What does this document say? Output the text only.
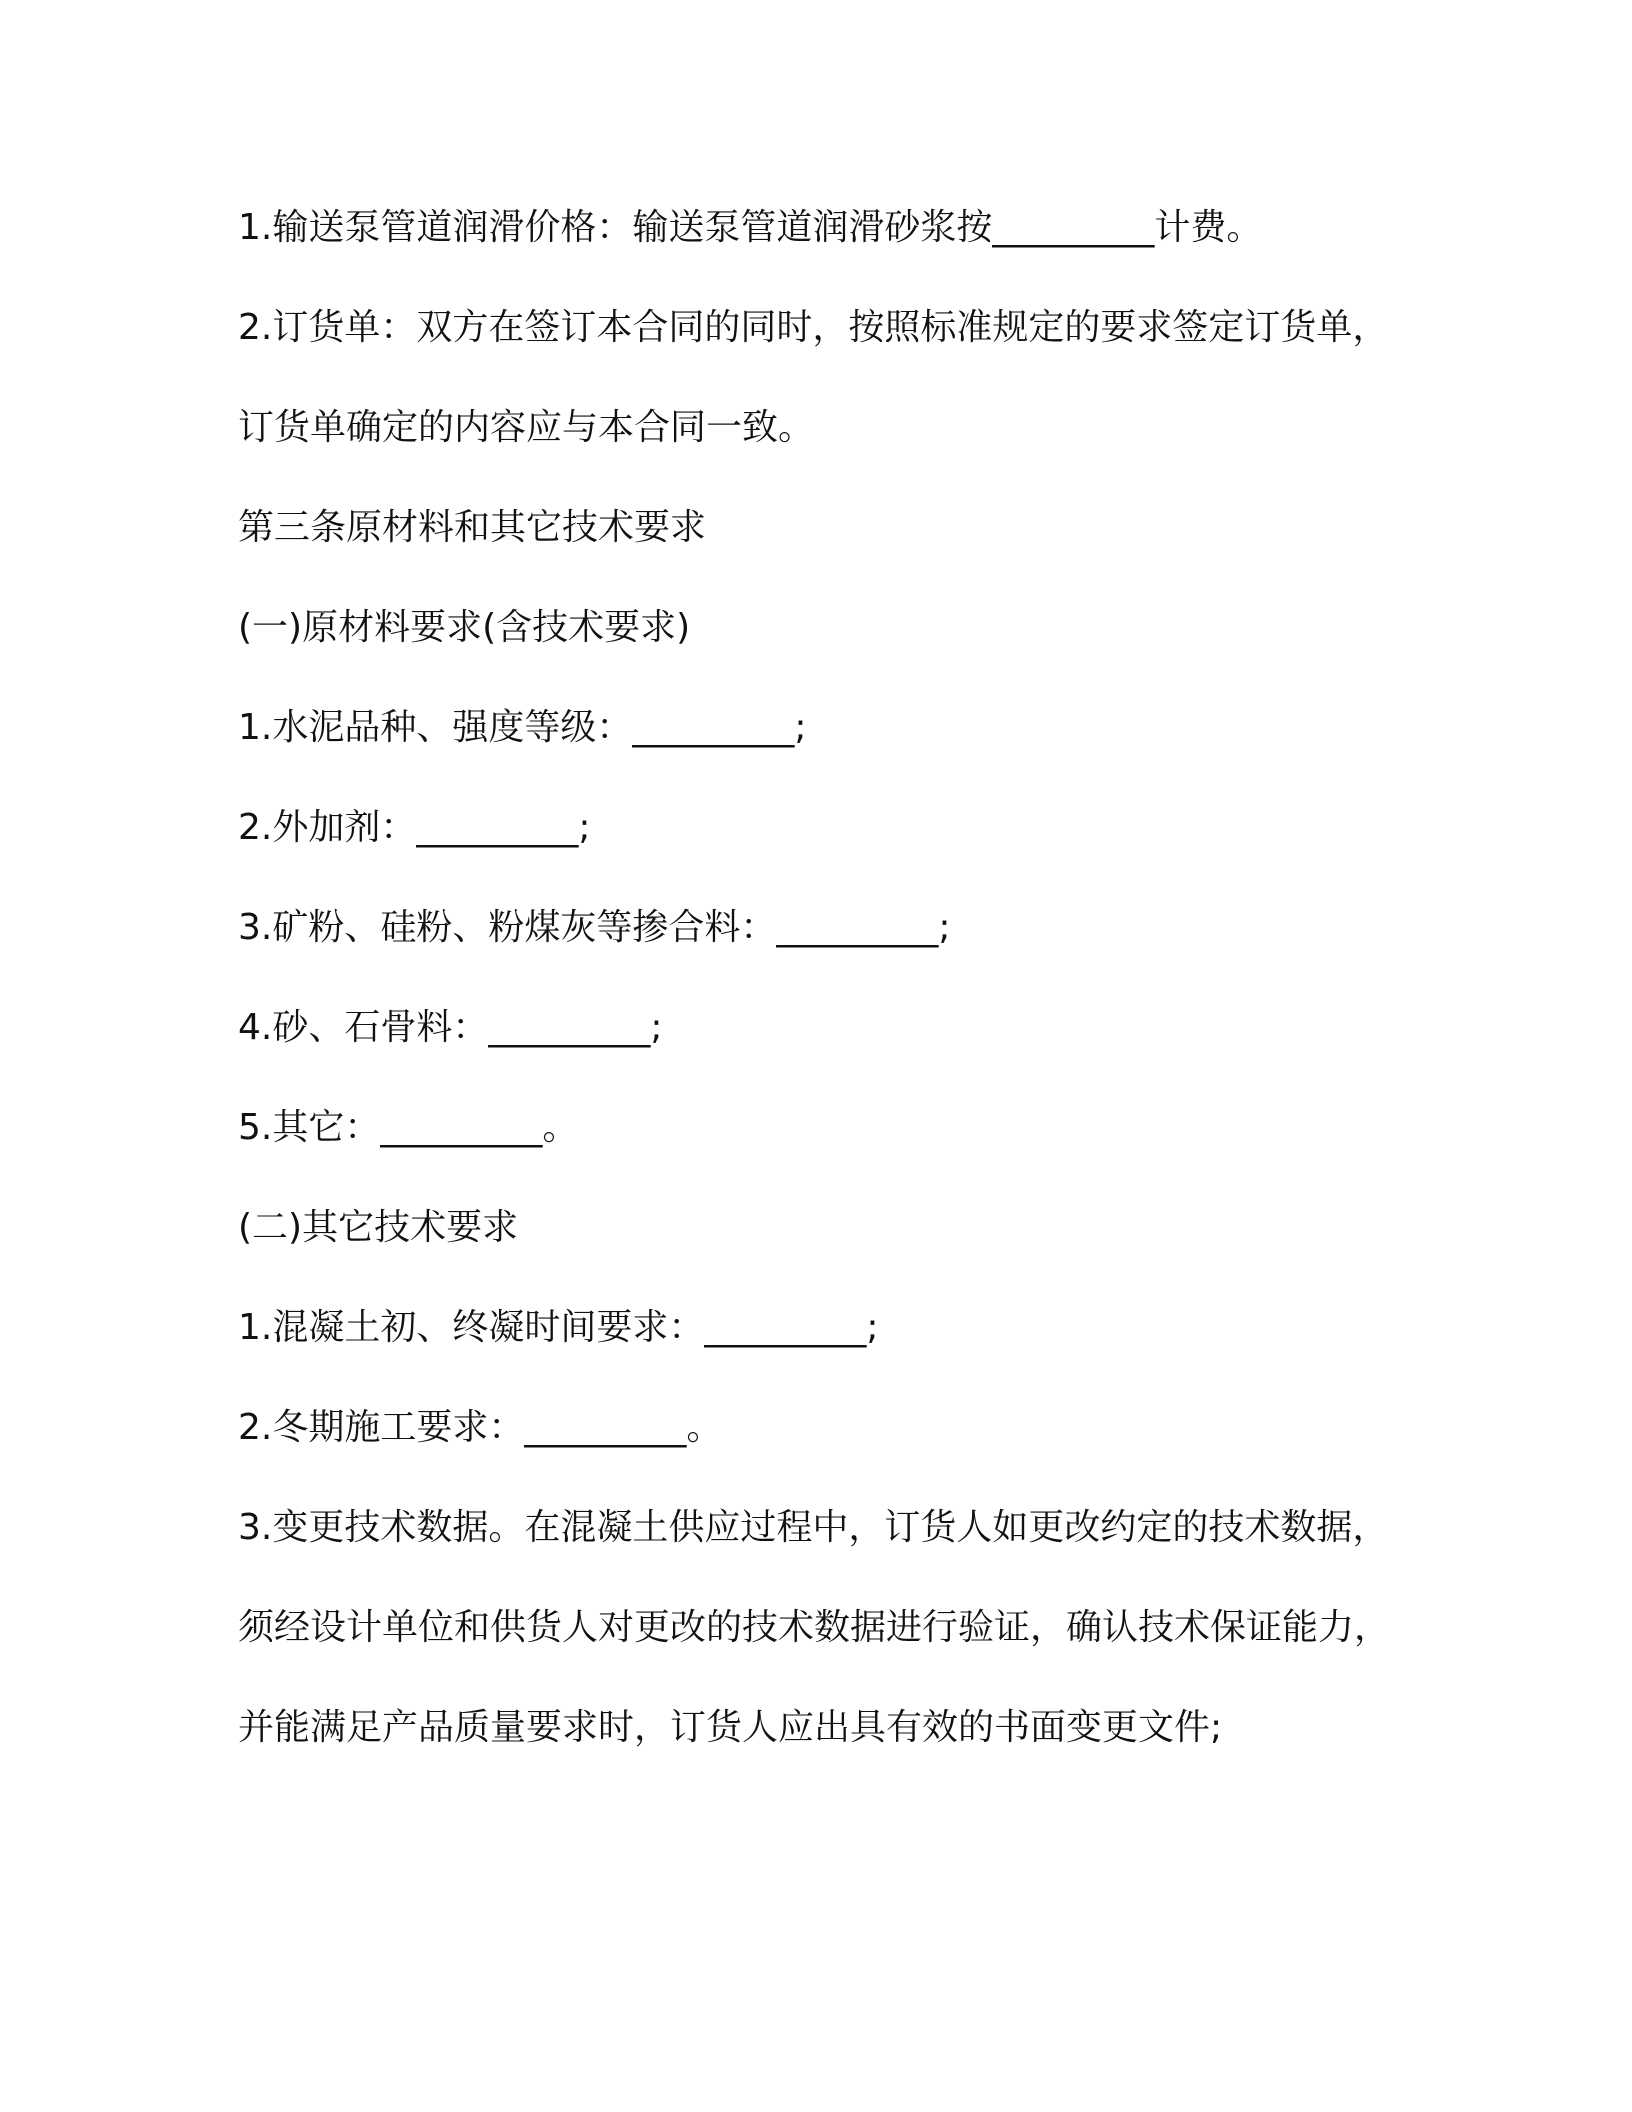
1.输送泵管道润滑价格：输送泵管道润滑砂浆按_________计费。

2.订货单：双方在签订本合同的同时，按照标准规定的要求签定订货单，订货单确定的内容应与本合同一致。

第三条原材料和其它技术要求

(一)原材料要求(含技术要求)

1.水泥品种、强度等级：_________;

2.外加剂：_________;

3.矿粉、硅粉、粉煤灰等掺合料：_________;

4.砂、石骨料：_________;

5.其它：_________。

(二)其它技术要求

1.混凝土初、终凝时间要求：_________;

2.冬期施工要求：_________。

3.变更技术数据。在混凝土供应过程中，订货人如更改约定的技术数据，须经设计单位和供货人对更改的技术数据进行验证，确认技术保证能力，并能满足产品质量要求时，订货人应出具有效的书面变更文件;
